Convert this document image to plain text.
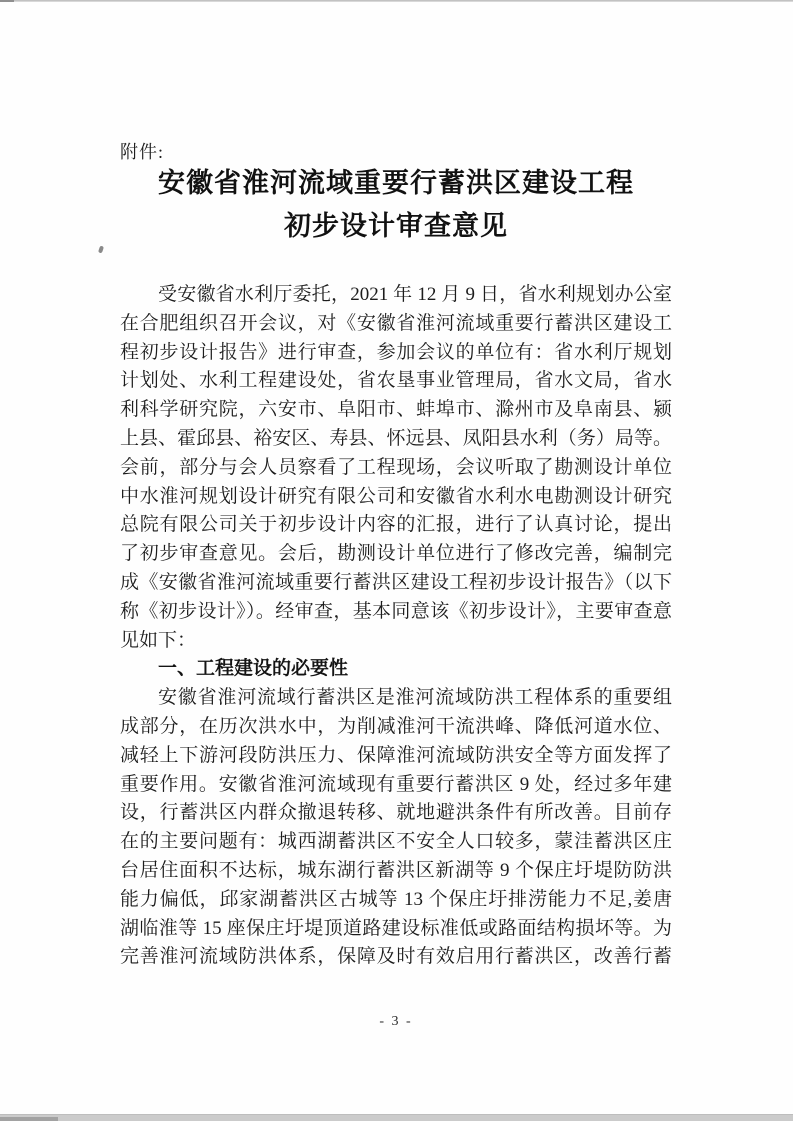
附件:
安徽省淮河流域重要行蓄洪区建设工程
初步设计审查意见
受安徽省水利厅委托，2021 年 12 月 9 日，省水利规划办公室
在合肥组织召开会议，对《安徽省淮河流域重要行蓄洪区建设工
程初步设计报告》进行审查，参加会议的单位有：省水利厅规划
计划处、水利工程建设处，省农垦事业管理局，省水文局，省水
利科学研究院，六安市、阜阳市、蚌埠市、滁州市及阜南县、颍
上县、霍邱县、裕安区、寿县、怀远县、凤阳县水利（务）局等。
会前，部分与会人员察看了工程现场，会议听取了勘测设计单位
中水淮河规划设计研究有限公司和安徽省水利水电勘测设计研究
总院有限公司关于初步设计内容的汇报，进行了认真讨论，提出
了初步审查意见。会后，勘测设计单位进行了修改完善，编制完
成《安徽省淮河流域重要行蓄洪区建设工程初步设计报告》（以下
称《初步设计》）。经审查，基本同意该《初步设计》，主要审查意
见如下：
一、工程建设的必要性
安徽省淮河流域行蓄洪区是淮河流域防洪工程体系的重要组
成部分，在历次洪水中，为削减淮河干流洪峰、降低河道水位、
减轻上下游河段防洪压力、保障淮河流域防洪安全等方面发挥了
重要作用。安徽省淮河流域现有重要行蓄洪区 9 处，经过多年建
设，行蓄洪区内群众撤退转移、就地避洪条件有所改善。目前存
在的主要问题有：城西湖蓄洪区不安全人口较多，蒙洼蓄洪区庄
台居住面积不达标，城东湖行蓄洪区新湖等 9 个保庄圩堤防防洪
能力偏低，邱家湖蓄洪区古城等 13 个保庄圩排涝能力不足,姜唐
湖临淮等 15 座保庄圩堤顶道路建设标准低或路面结构损坏等。为
完善淮河流域防洪体系，保障及时有效启用行蓄洪区，改善行蓄
- 3 -
